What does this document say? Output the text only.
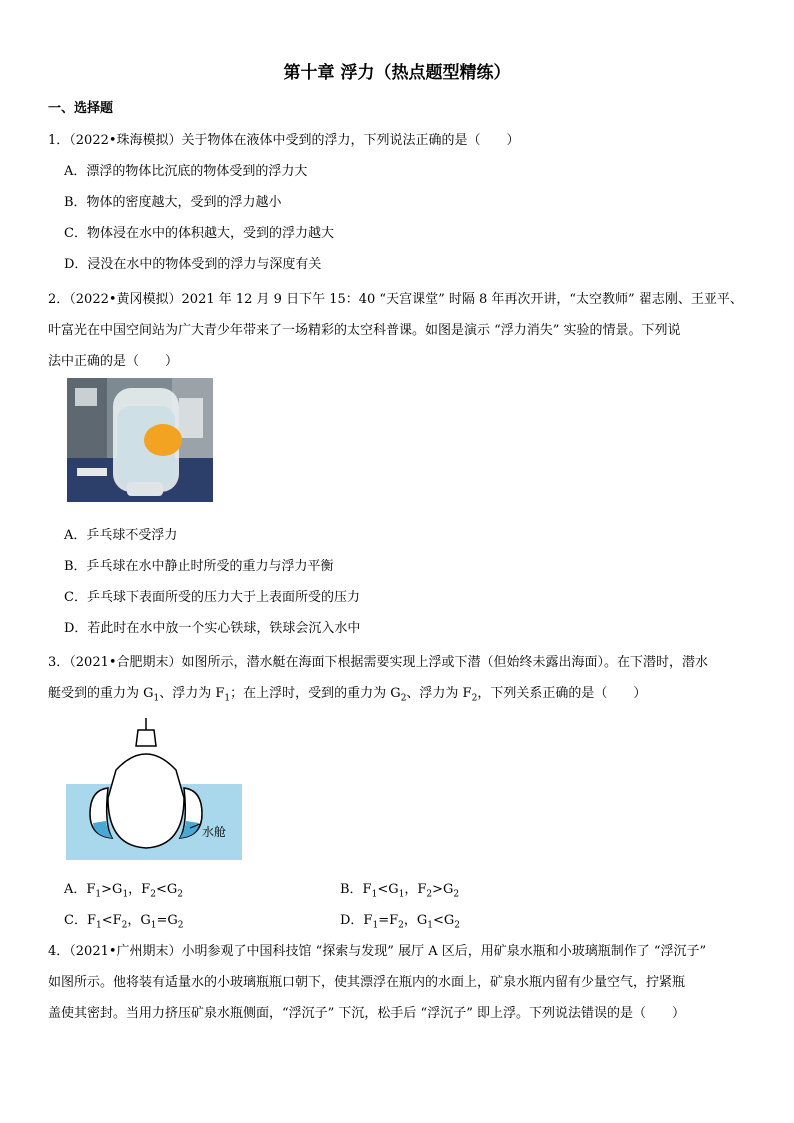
第十章 浮力（热点题型精练）
一、选择题
1．（2022•珠海模拟）关于物体在液体中受到的浮力，下列说法正确的是（　　）
A．漂浮的物体比沉底的物体受到的浮力大
B．物体的密度越大，受到的浮力越小
C．物体浸在水中的体积越大，受到的浮力越大
D．浸没在水中的物体受到的浮力与深度有关
2．（2022•黄冈模拟）2021 年 12 月 9 日下午 15：40 “天宫课堂” 时隔 8 年再次开讲，“太空教师” 翟志刚、王亚平、
叶富光在中国空间站为广大青少年带来了一场精彩的太空科普课。如图是演示 “浮力消失” 实验的情景。下列说
法中正确的是（　　）
A．乒乓球不受浮力
B．乒乓球在水中静止时所受的重力与浮力平衡
C．乒乓球下表面所受的压力大于上表面所受的压力
D．若此时在水中放一个实心铁球，铁球会沉入水中
3．（2021•合肥期末）如图所示，潜水艇在海面下根据需要实现上浮或下潜（但始终未露出海面）。在下潜时，潜水
艇受到的重力为 $G_1$、浮力为 $F_1$；在上浮时，受到的重力为 $G_2$、浮力为 $F_2$，下列关系正确的是（　　）
水舱
A．$F_1>G_1$，$F_2<G_2$	B．$F_1<G_1$，$F_2>G_2$
C．$F_1<F_2$，$G_1=G_2$	D．$F_1=F_2$，$G_1<G_2$
4．（2021•广州期末）小明参观了中国科技馆 “探索与发现” 展厅 A 区后，用矿泉水瓶和小玻璃瓶制作了 “浮沉子”
如图所示。他将装有适量水的小玻璃瓶瓶口朝下，使其漂浮在瓶内的水面上，矿泉水瓶内留有少量空气，拧紧瓶
盖使其密封。当用力挤压矿泉水瓶侧面，“浮沉子” 下沉，松手后 “浮沉子” 即上浮。下列说法错误的是（　　）
